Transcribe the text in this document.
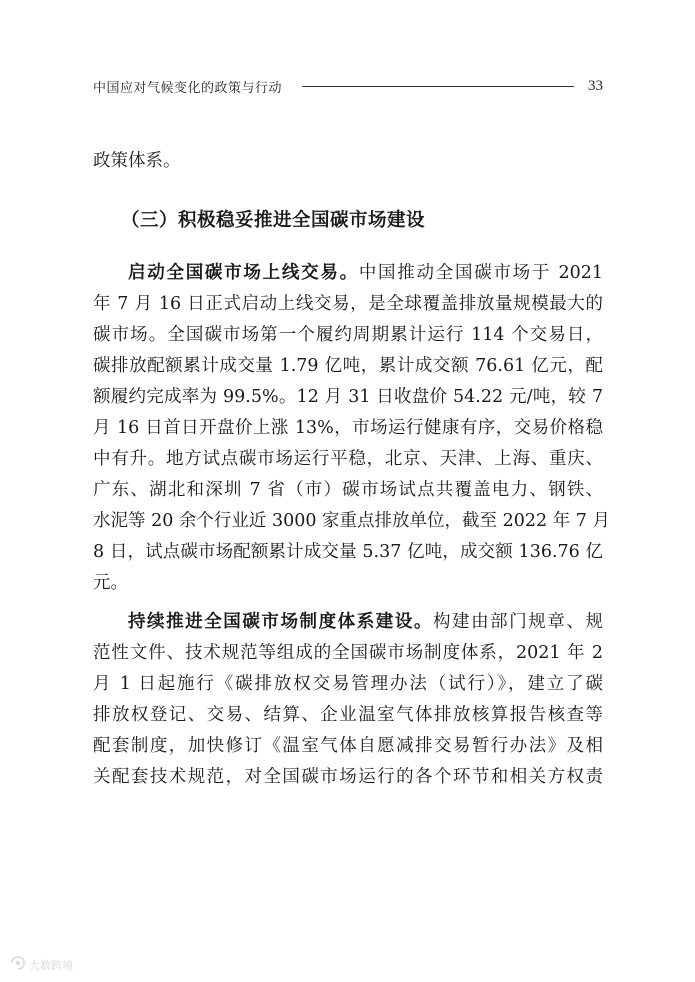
中国应对气候变化的政策与行动	33
政策体系。
（三）积极稳妥推进全国碳市场建设
启动全国碳市场上线交易。中国推动全国碳市场于 2021
年 7 月 16 日正式启动上线交易，是全球覆盖排放量规模最大的
碳市场。全国碳市场第一个履约周期累计运行 114 个交易日，
碳排放配额累计成交量 1.79 亿吨，累计成交额 76.61 亿元，配
额履约完成率为 99.5%。12 月 31 日收盘价 54.22 元/吨，较 7
月 16 日首日开盘价上涨 13%，市场运行健康有序，交易价格稳
中有升。地方试点碳市场运行平稳，北京、天津、上海、重庆、
广东、湖北和深圳 7 省（市）碳市场试点共覆盖电力、钢铁、
水泥等 20 余个行业近 3000 家重点排放单位，截至 2022 年 7 月
8 日，试点碳市场配额累计成交量 5.37 亿吨，成交额 136.76 亿
元。
持续推进全国碳市场制度体系建设。构建由部门规章、规
范性文件、技术规范等组成的全国碳市场制度体系，2021 年 2
月 1 日起施行《碳排放权交易管理办法（试行）》，建立了碳
排放权登记、交易、结算、企业温室气体排放核算报告核查等
配套制度，加快修订《温室气体自愿减排交易暂行办法》及相
关配套技术规范，对全国碳市场运行的各个环节和相关方权责
大数跨境
